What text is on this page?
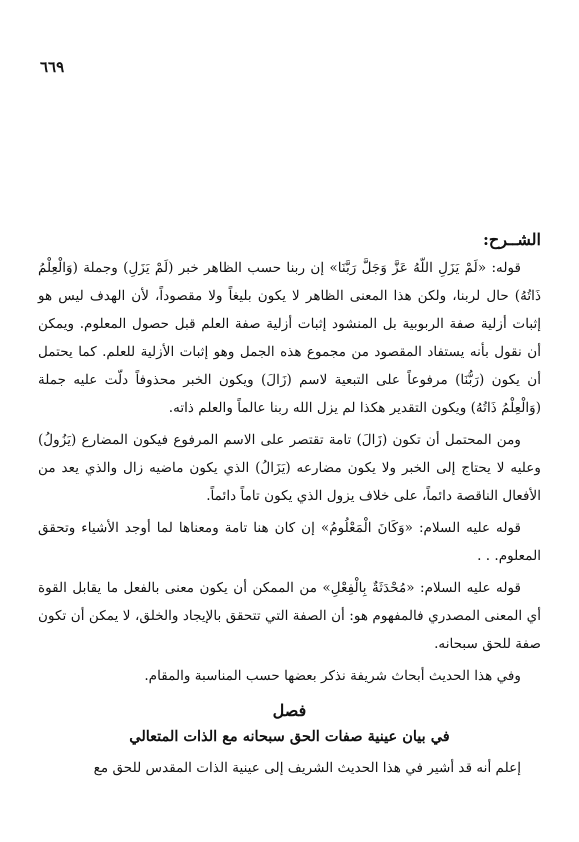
٦٦٩
الشــرح:

قوله: «لَمْ يَزَلِ اللّهُ عَزَّ وَجَلَّ رَبَّنَا» إن ربنا حسب الظاهر خبر (لَمْ يَزَلِ) وجملة (وَالْعِلْمُ ذَاتُهُ) حال لربنا، ولكن هذا المعنى الظاهر لا يكون بليغاً ولا مقصوداً، لأن الهدف ليس هو إثبات أزلية صفة الربوبية بل المنشود إثبات أزلية صفة العلم قبل حصول المعلوم. ويمكن أن نقول بأنه يستفاد المقصود من مجموع هذه الجمل وهو إثبات الأزلية للعلم. كما يحتمل أن يكون (رَبُّنَا) مرفوعاً على التبعية لاسم (زَالَ) ويكون الخبر محذوفاً دلّت عليه جملة (وَالْعِلْمُ ذَاتُهُ) ويكون التقدير هكذا لم يزل الله ربنا عالماً والعلم ذاته.

ومن المحتمل أن تكون (زَالَ) تامة تقتصر على الاسم المرفوع فيكون المضارع (يَزُولُ) وعليه لا يحتاج إلى الخبر ولا يكون مضارعه (يَزَالُ) الذي يكون ماضيه زال والذي يعد من الأفعال الناقصة دائماً، على خلاف يزول الذي يكون تاماً دائماً.

قوله عليه السلام: «وَكَانَ الْمَعْلُومُ» إن كان هنا تامة ومعناها لما أوجد الأشياء وتحقق المعلوم. . .

قوله عليه السلام: «مُحْدَثَةٌ بِالْفِعْلِ» من الممكن أن يكون معنى بالفعل ما يقابل القوة أي المعنى المصدري فالمفهوم هو: أن الصفة التي تتحقق بالإيجاد والخلق، لا يمكن أن تكون صفة للحق سبحانه.

وفي هذا الحديث أبحاث شريفة نذكر بعضها حسب المناسبة والمقام.

فصل
في بيان عينية صفات الحق سبحانه مع الذات المتعالي

إعلم أنه قد أشير في هذا الحديث الشريف إلى عينية الذات المقدس للحق مع
